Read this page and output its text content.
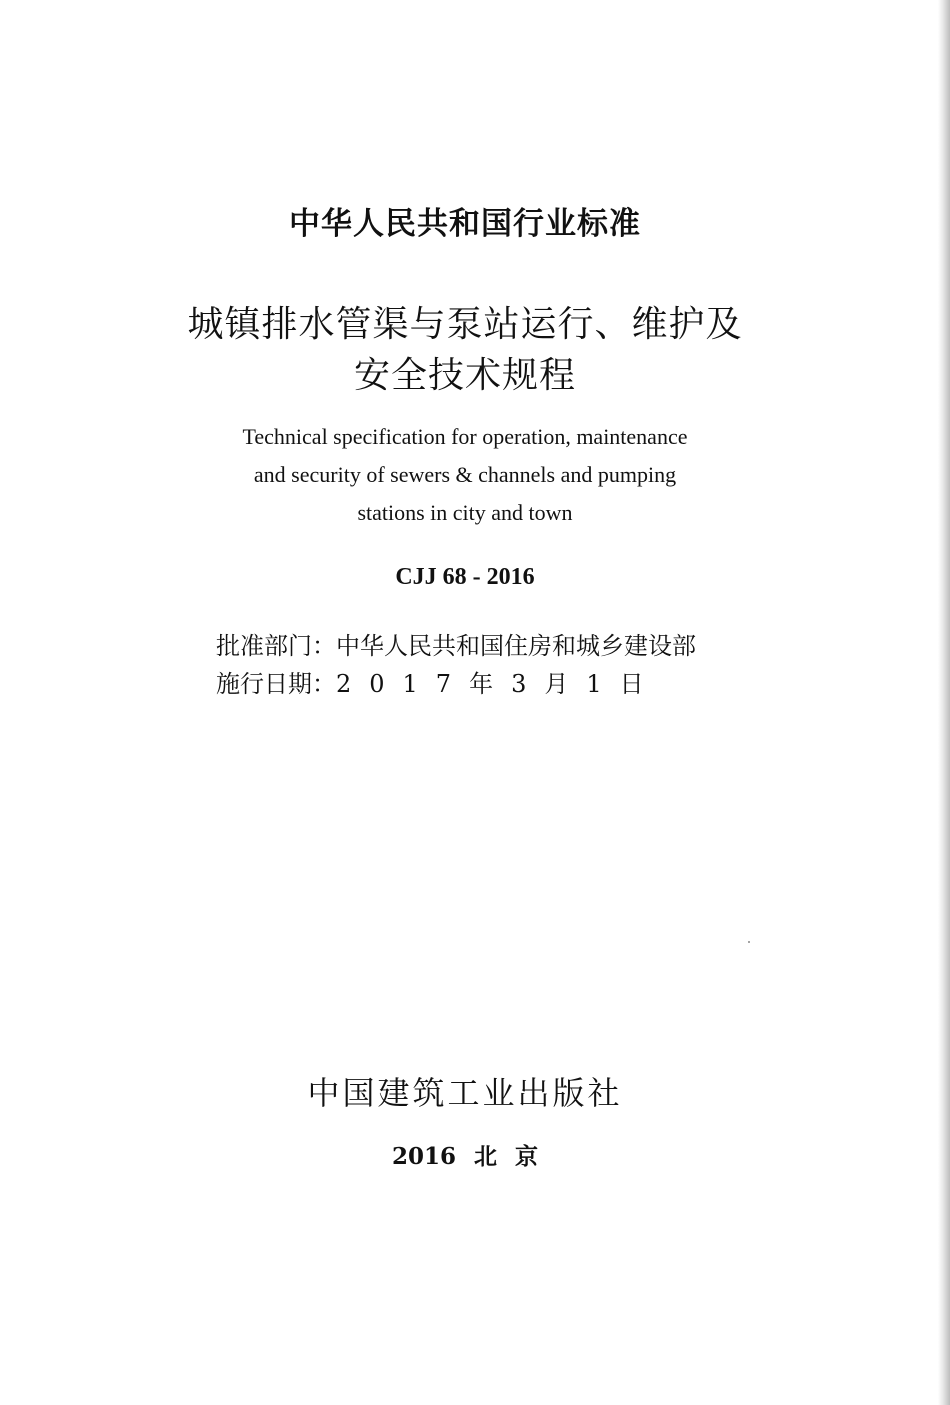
中华人民共和国行业标准
城镇排水管渠与泵站运行、维护及
安全技术规程
Technical specification for operation, maintenance
and security of sewers & channels and pumping
stations in city and town
CJJ 68 - 2016
批准部门：中华人民共和国住房和城乡建设部
施行日期：2017年3月1日
中国建筑工业出版社
2016 北 京
